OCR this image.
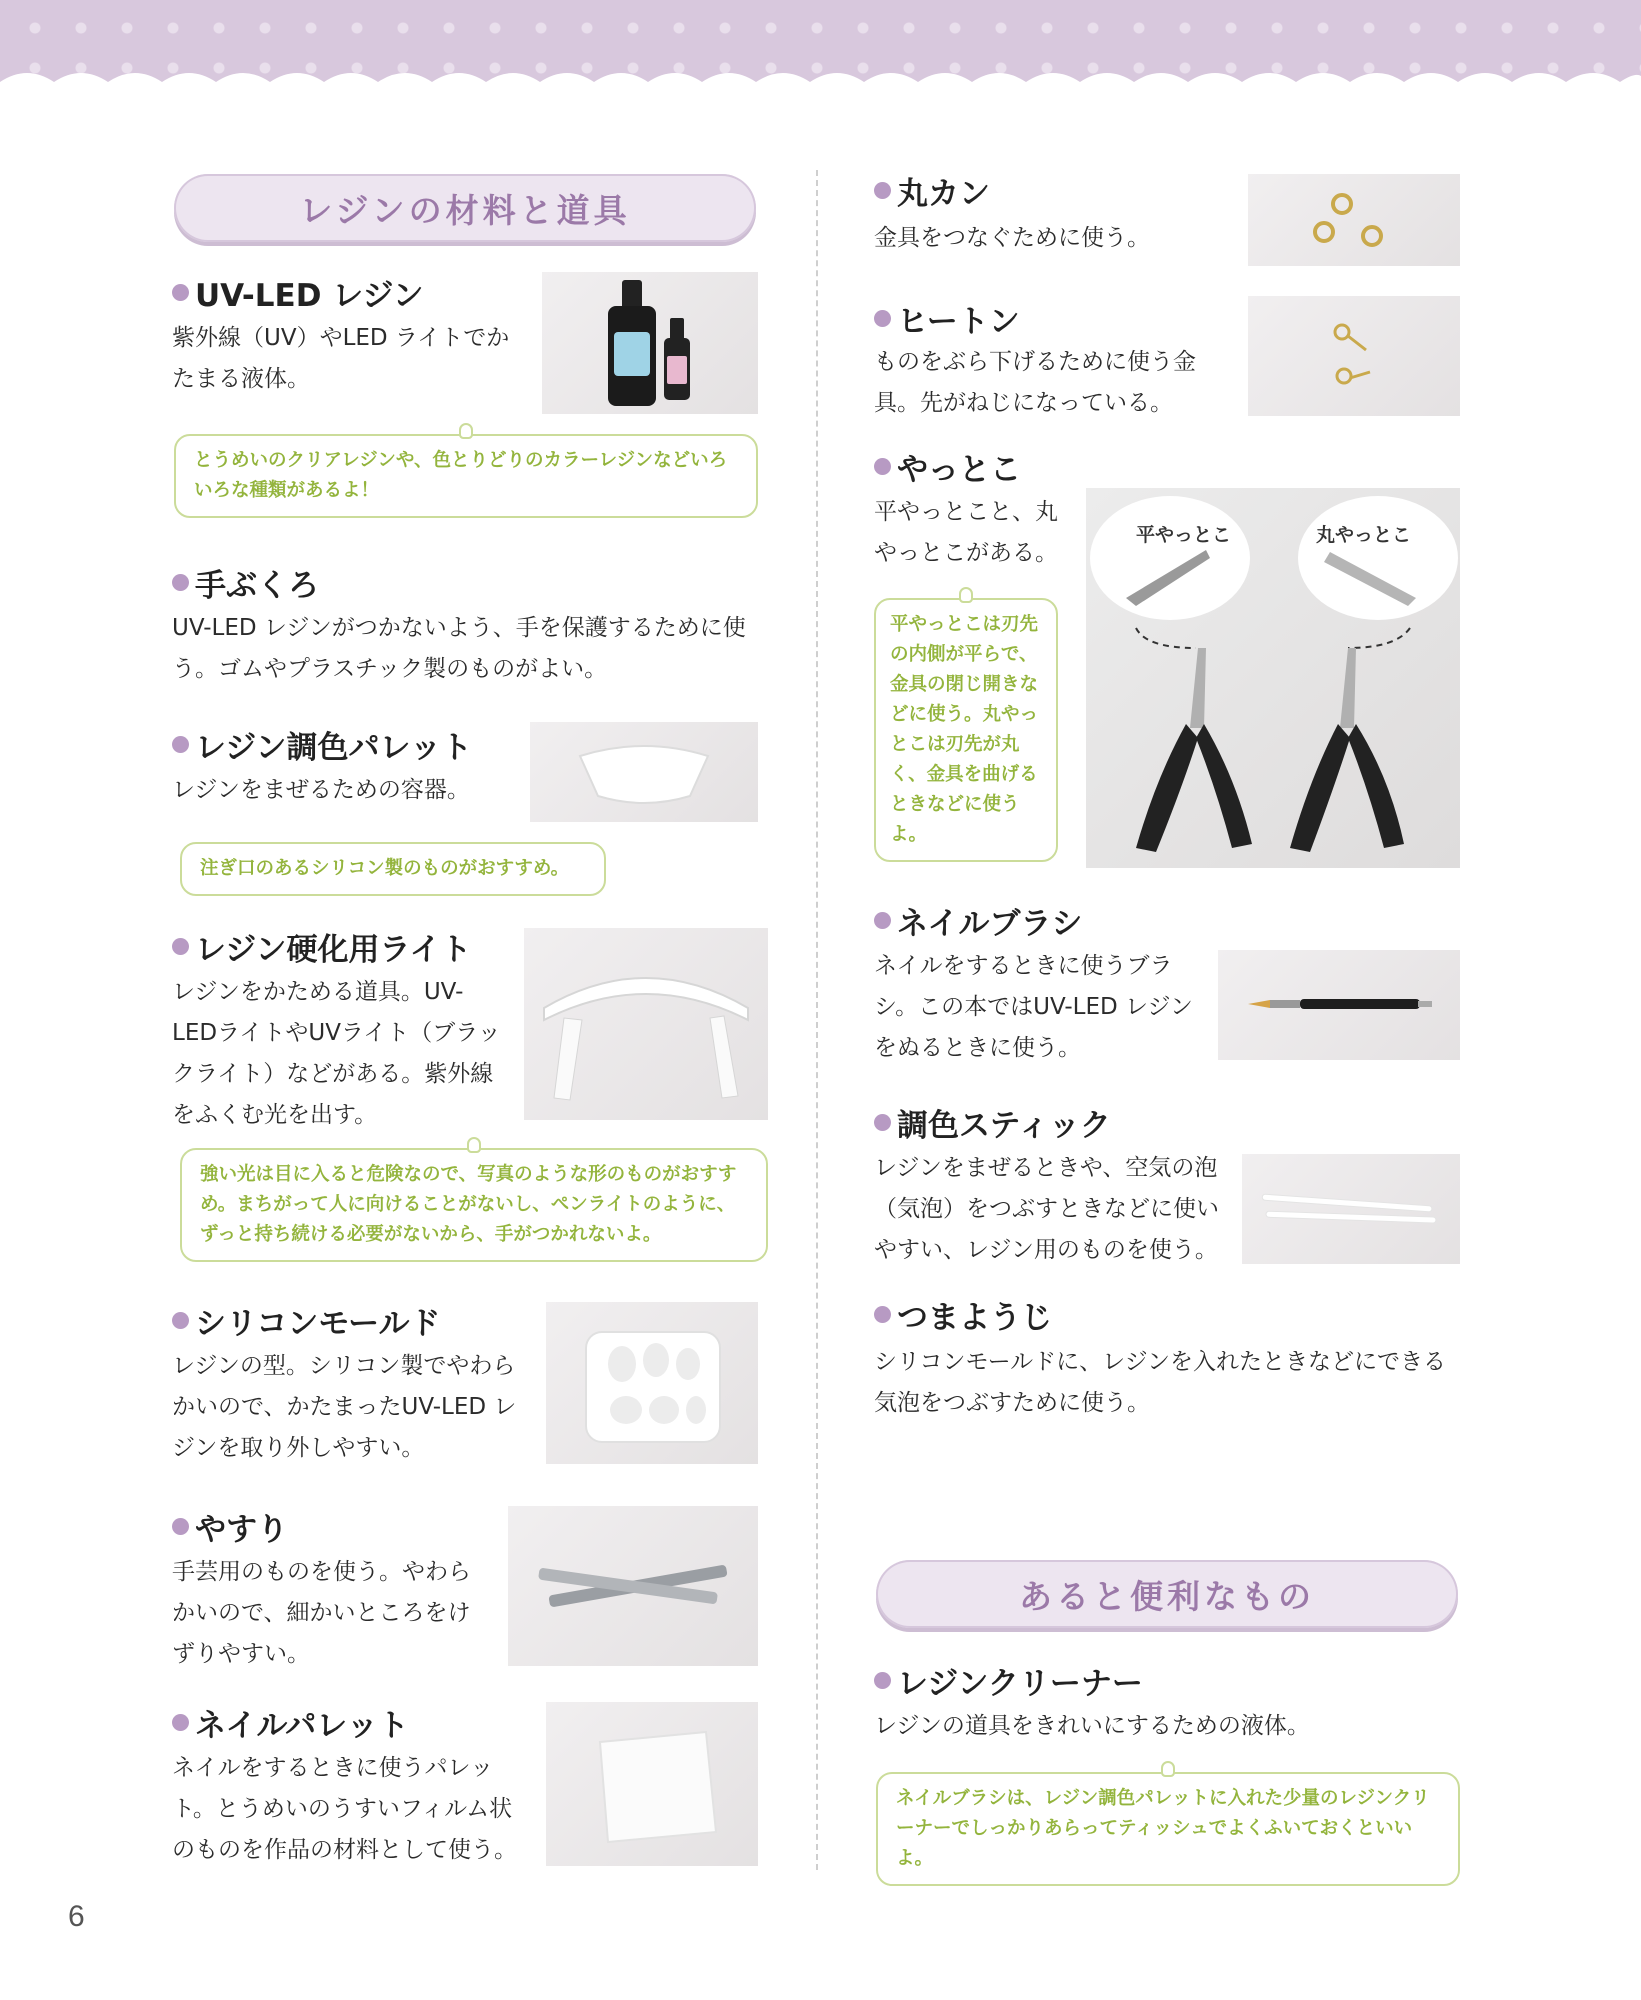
レジンの材料と道具
UV-LED レジン
紫外線（UV）やLED ライトでかたまる液体。
とうめいのクリアレジンや、色とりどりのカラーレジンなどいろいろな種類があるよ！
手ぶくろ
UV-LED レジンがつかないよう、手を保護するために使う。ゴムやプラスチック製のものがよい。
レジン調色パレット
レジンをまぜるための容器。
注ぎ口のあるシリコン製のものがおすすめ。
レジン硬化用ライト
レジンをかためる道具。UV-LEDライトやUVライト（ブラックライト）などがある。紫外線をふくむ光を出す。
強い光は目に入ると危険なので、写真のような形のものがおすすめ。まちがって人に向けることがないし、ペンライトのように、ずっと持ち続ける必要がないから、手がつかれないよ。
シリコンモールド
レジンの型。シリコン製でやわらかいので、かたまったUV-LED レジンを取り外しやすい。
やすり
手芸用のものを使う。やわらかいので、細かいところをけずりやすい。
ネイルパレット
ネイルをするときに使うパレット。とうめいのうすいフィルム状のものを作品の材料として使う。
丸カン
金具をつなぐために使う。
ヒートン
ものをぶら下げるために使う金具。先がねじになっている。
やっとこ
平やっとこと、丸やっとこがある。
平やっとこは刃先の内側が平らで、金具の閉じ開きなどに使う。丸やっとこは刃先が丸く、金具を曲げるときなどに使うよ。
平やっとこ	丸やっとこ
ネイルブラシ
ネイルをするときに使うブラシ。この本ではUV-LED レジンをぬるときに使う。
調色スティック
レジンをまぜるときや、空気の泡（気泡）をつぶすときなどに使いやすい、レジン用のものを使う。
つまようじ
シリコンモールドに、レジンを入れたときなどにできる気泡をつぶすために使う。
あると便利なもの
レジンクリーナー
レジンの道具をきれいにするための液体。
ネイルブラシは、レジン調色パレットに入れた少量のレジンクリーナーでしっかりあらってティッシュでよくふいておくといいよ。
6
